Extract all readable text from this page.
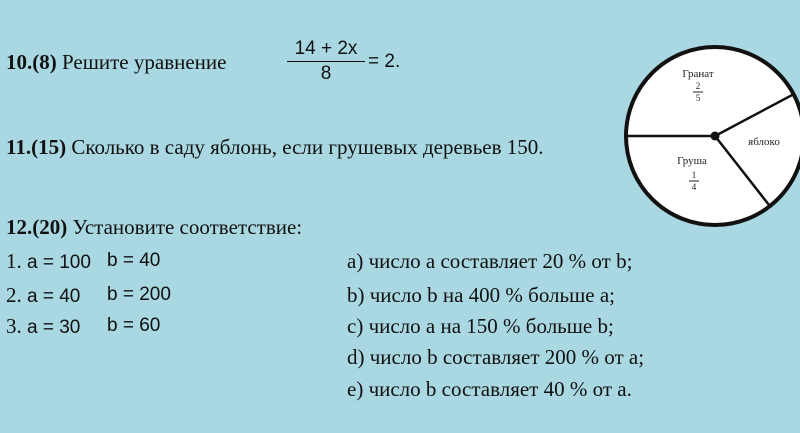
10.(8) Решите уравнение
14 + 2x
8
= 2.
11.(15) Сколько в саду яблонь, если грушевых деревьев 150.
12.(20) Установите соответствие:
1. a = 100 b = 40
2. a = 40 b = 200
3. a = 30 b = 60
a) число а составляет 20 % от b;
b) число b на 400 % больше а;
c) число а на 150 % больше b;
d) число b составляет 200 % от а;
e) число b составляет 40 % от а.
Гранат
2
5
яблоко
Груша
1
4
